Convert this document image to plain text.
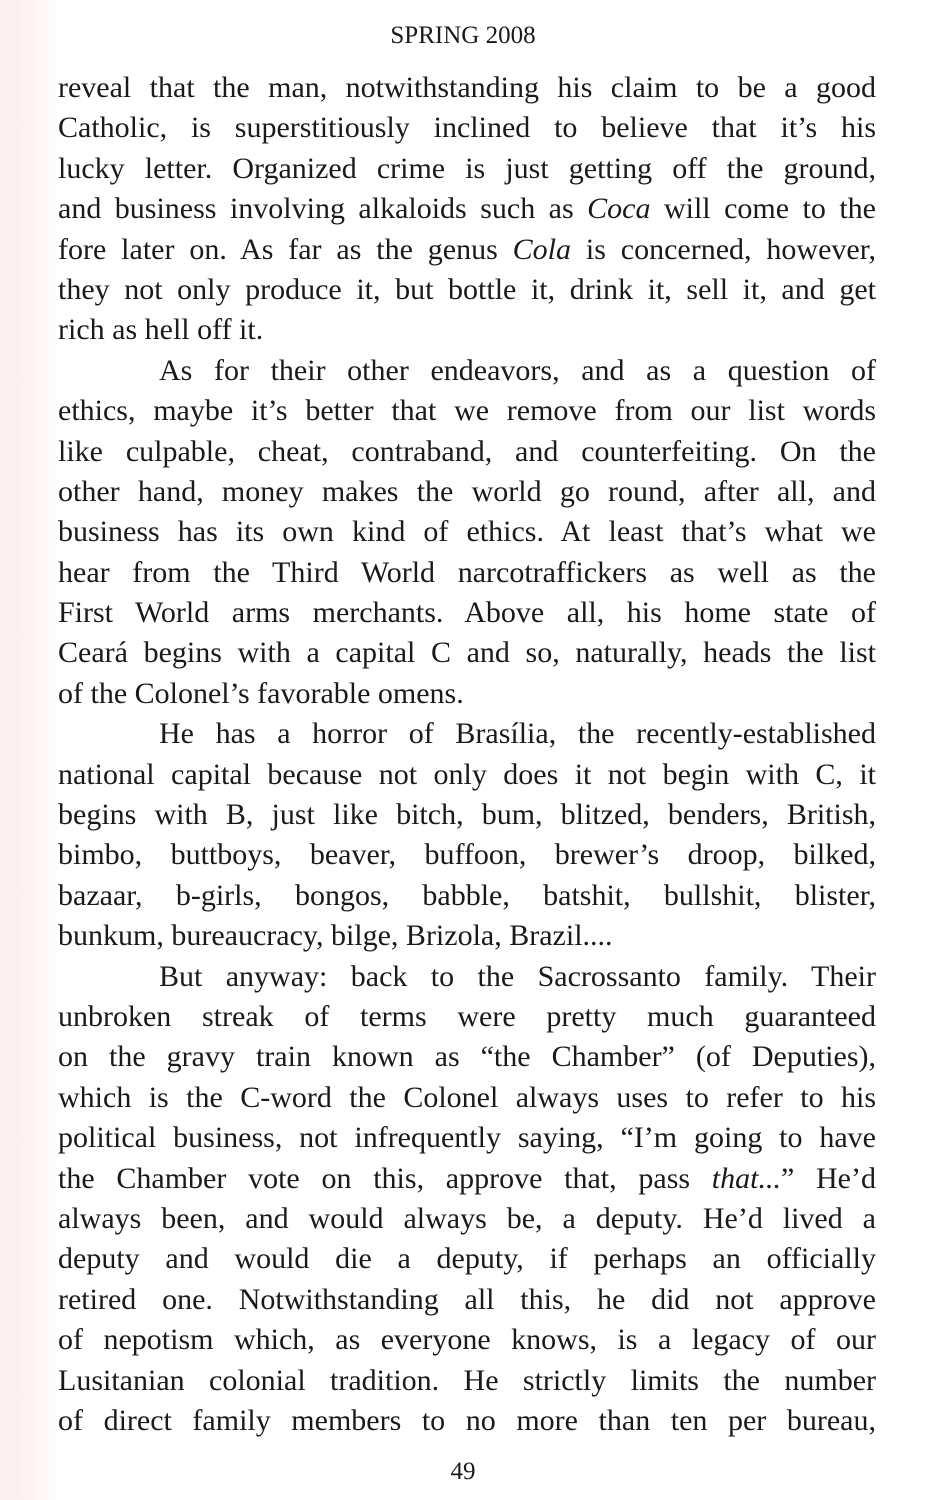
SPRING 2008
reveal that the man, notwithstanding his claim to be a good
Catholic, is superstitiously inclined to believe that it’s his
lucky letter. Organized crime is just getting off the ground,
and business involving alkaloids such as Coca will come to the
fore later on. As far as the genus Cola is concerned, however,
they not only produce it, but bottle it, drink it, sell it, and get
rich as hell off it.
As for their other endeavors, and as a question of
ethics, maybe it’s better that we remove from our list words
like culpable, cheat, contraband, and counterfeiting. On the
other hand, money makes the world go round, after all, and
business has its own kind of ethics. At least that’s what we
hear from the Third World narcotraffickers as well as the
First World arms merchants. Above all, his home state of
Ceará begins with a capital C and so, naturally, heads the list
of the Colonel’s favorable omens.
He has a horror of Brasília, the recently-established
national capital because not only does it not begin with C, it
begins with B, just like bitch, bum, blitzed, benders, British,
bimbo, buttboys, beaver, buffoon, brewer’s droop, bilked,
bazaar, b-girls, bongos, babble, batshit, bullshit, blister,
bunkum, bureaucracy, bilge, Brizola, Brazil....
But anyway: back to the Sacrossanto family. Their
unbroken streak of terms were pretty much guaranteed
on the gravy train known as “the Chamber” (of Deputies),
which is the C-word the Colonel always uses to refer to his
political business, not infrequently saying, “I’m going to have
the Chamber vote on this, approve that, pass that...” He’d
always been, and would always be, a deputy. He’d lived a
deputy and would die a deputy, if perhaps an officially
retired one. Notwithstanding all this, he did not approve
of nepotism which, as everyone knows, is a legacy of our
Lusitanian colonial tradition. He strictly limits the number
of direct family members to no more than ten per bureau,
49
